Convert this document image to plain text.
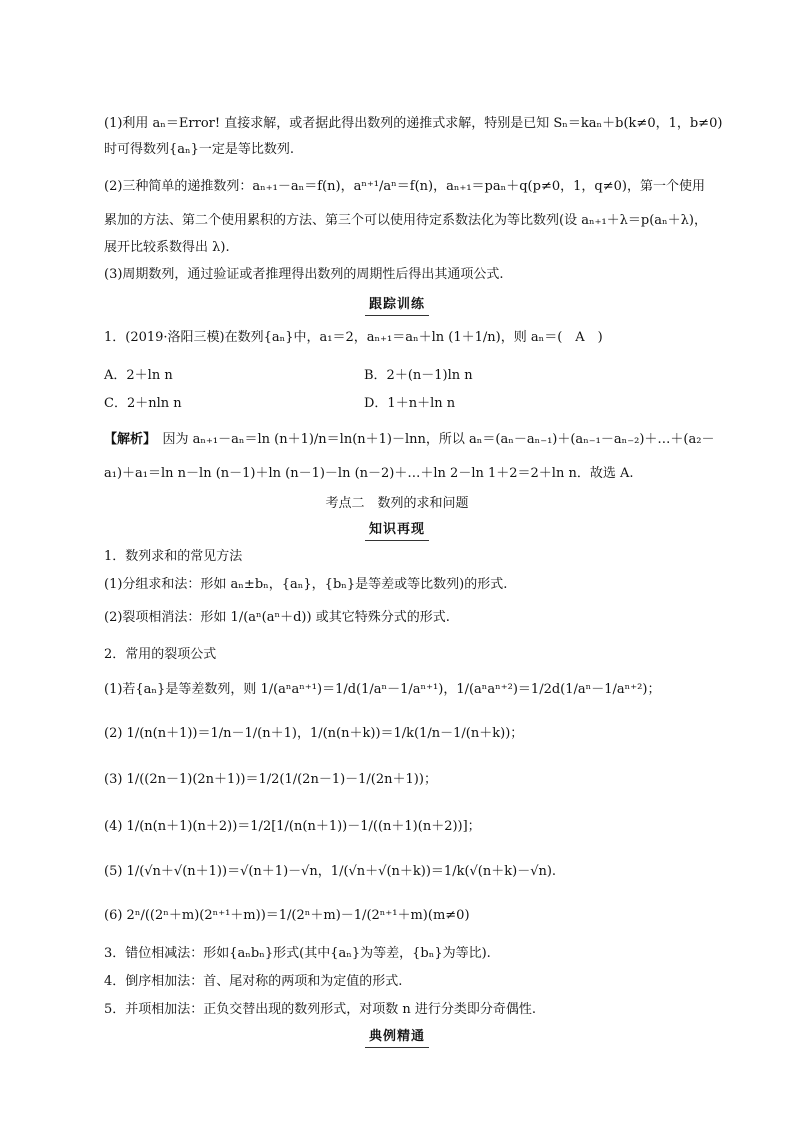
(1)利用 aₙ＝Error! 直接求解，或者据此得出数列的递推式求解，特别是已知 Sₙ＝kaₙ＋b(k≠0，1，b≠0)
时可得数列{aₙ}一定是等比数列.
(2)三种简单的递推数列：aₙ₊₁－aₙ＝f(n)，aⁿ⁺¹/aⁿ＝f(n)，aₙ₊₁＝paₙ＋q(p≠0，1，q≠0)，第一个使用
累加的方法、第二个使用累积的方法、第三个可以使用待定系数法化为等比数列(设 aₙ₊₁＋λ＝p(aₙ＋λ)，
展开比较系数得出 λ).
(3)周期数列，通过验证或者推理得出数列的周期性后得出其通项公式.
跟踪训练
1．(2019·洛阳三模)在数列{aₙ}中，a₁＝2，aₙ₊₁＝aₙ＋ln (1＋1/n)，则 aₙ＝(　A　)
A．2＋ln n	B．2＋(n－1)ln n
C．2＋nln n	D．1＋n＋ln n
【解析】　因为 aₙ₊₁－aₙ＝ln (n＋1)/n＝ln(n＋1)－lnn，所以 aₙ＝(aₙ－aₙ₋₁)＋(aₙ₋₁－aₙ₋₂)＋…＋(a₂－
a₁)＋a₁＝ln n－ln (n－1)＋ln (n－1)－ln (n－2)＋…＋ln 2－ln 1＋2＝2＋ln n．故选 A.
考点二　数列的求和问题
知识再现
1．数列求和的常见方法
(1)分组求和法：形如 aₙ±bₙ，{aₙ}，{bₙ}是等差或等比数列)的形式.
(2)裂项相消法：形如 1/(aⁿ(aⁿ＋d)) 或其它特殊分式的形式.
2．常用的裂项公式
(1)若{aₙ}是等差数列，则 1/(aⁿaⁿ⁺¹)＝1/d(1/aⁿ－1/aⁿ⁺¹)，1/(aⁿaⁿ⁺²)＝1/2d(1/aⁿ－1/aⁿ⁺²)；
(2) 1/(n(n＋1))＝1/n－1/(n＋1)，1/(n(n＋k))＝1/k(1/n－1/(n＋k))；
(3) 1/((2n－1)(2n＋1))＝1/2(1/(2n－1)－1/(2n＋1))；
(4) 1/(n(n＋1)(n＋2))＝1/2[1/(n(n＋1))－1/((n＋1)(n＋2))]；
(5) 1/(√n＋√(n＋1))＝√(n＋1)－√n，1/(√n＋√(n＋k))＝1/k(√(n＋k)－√n).
(6) 2ⁿ/((2ⁿ＋m)(2ⁿ⁺¹＋m))＝1/(2ⁿ＋m)－1/(2ⁿ⁺¹＋m)(m≠0)
3．错位相减法：形如{aₙbₙ}形式(其中{aₙ}为等差，{bₙ}为等比).
4．倒序相加法：首、尾对称的两项和为定值的形式.
5．并项相加法：正负交替出现的数列形式，对项数 n 进行分类即分奇偶性.
典例精通
